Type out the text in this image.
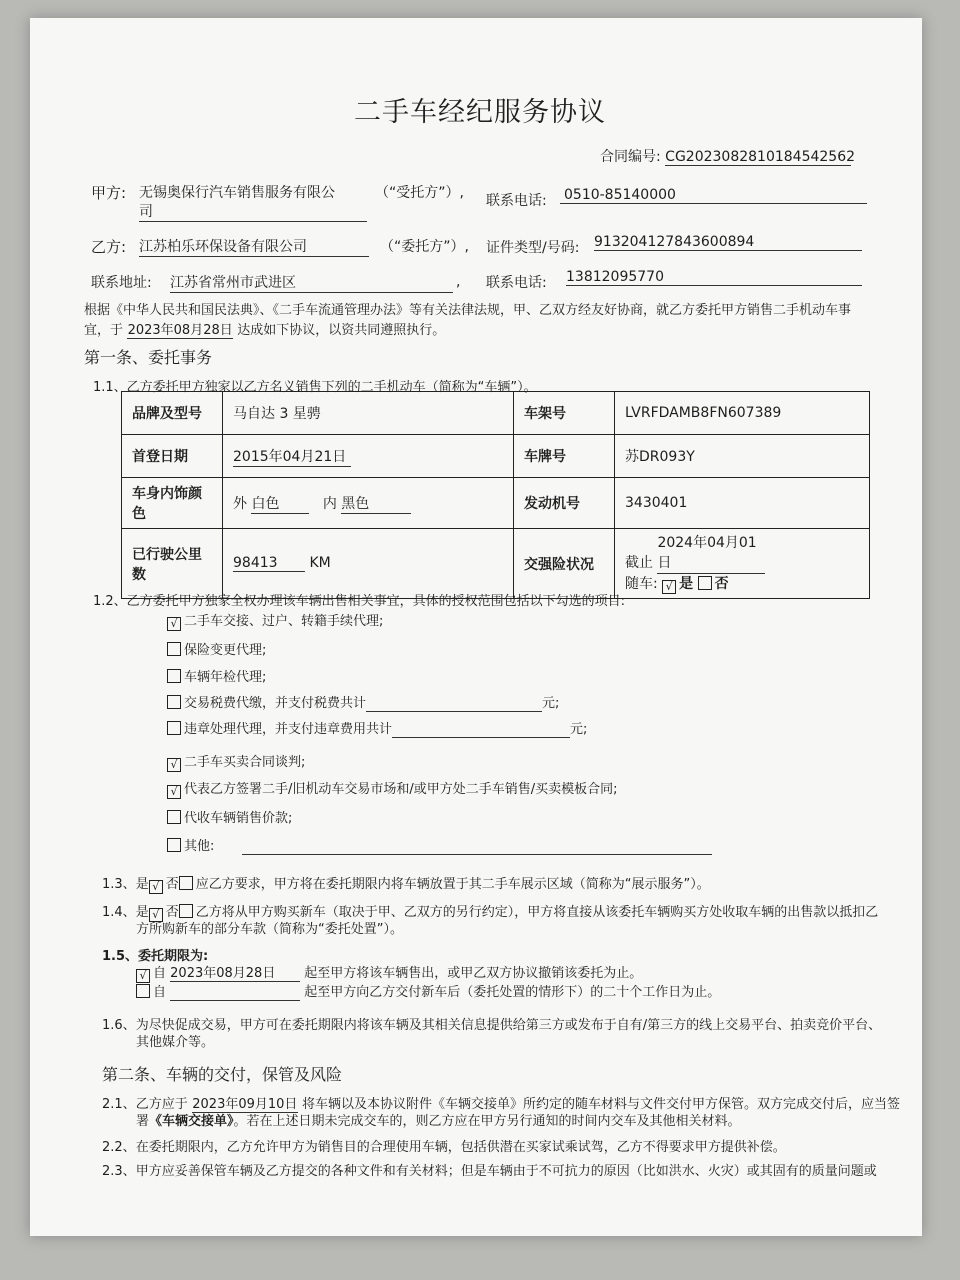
二手车经纪服务协议
合同编号: CG2023082810184542562
甲方: 无锡奥保行汽车销售服务有限公
司
（“受托方”）, 联系电话: 0510-85140000
乙方: 江苏柏乐环保设备有限公司	（“委托方”）, 证件类型/号码: 913204127843600894
联系地址: 江苏省常州市武进区	, 联系电话: 13812095770
根据《中华人民共和国民法典》、《二手车流通管理办法》等有关法律法规，甲、乙双方经友好协商，就乙方委托甲方销售二手机动车事
宜，于 2023年08月28日 达成如下协议，以资共同遵照执行。
第一条、委托事务
1.1、乙方委托甲方独家以乙方名义销售下列的二手机动车（简称为“车辆”）。
品牌及型号	马自达 3 星骋	车架号	LVRFDAMB8FN607389
首登日期	2015年04月21日	车牌号	苏DR093Y
车身内饰颜色	外 白色 内 黑色	发动机号	3430401
已行驶公里数	98413 KM	交强险状况	截止 2024年04月01日
随车: √ 是 否
1.2、乙方委托甲方独家全权办理该车辆出售相关事宜，具体的授权范围包括以下勾选的项目:
√ 二手车交接、过户、转籍手续代理;
保险变更代理;
车辆年检代理;
交易税费代缴，并支付税费共计	元;
违章处理代理，并支付违章费用共计	元;
√ 二手车买卖合同谈判;
√ 代表乙方签署二手/旧机动车交易市场和/或甲方处二手车销售/买卖模板合同;
代收车辆销售价款;
其他:
1.3、是 √ 否 应乙方要求，甲方将在委托期限内将车辆放置于其二手车展示区域（简称为“展示服务”）。
1.4、是 √ 否 乙方将从甲方购买新车（取决于甲、乙双方的另行约定），甲方将直接从该委托车辆购买方处收取车辆的出售款以抵扣乙
方所购新车的部分车款（简称为“委托处置”）。
1.5、委托期限为:
√ 自 2023年08月28日 起至甲方将该车辆售出，或甲乙双方协议撤销该委托为止。
自	起至甲方向乙方交付新车后（委托处置的情形下）的二十个工作日为止。
1.6、为尽快促成交易，甲方可在委托期限内将该车辆及其相关信息提供给第三方或发布于自有/第三方的线上交易平台、拍卖竞价平台、
其他媒介等。
第二条、车辆的交付，保管及风险
2.1、乙方应于 2023年09月10日 将车辆以及本协议附件《车辆交接单》所约定的随车材料与文件交付甲方保管。双方完成交付后，应当签
署《车辆交接单》。若在上述日期未完成交车的，则乙方应在甲方另行通知的时间内交车及其他相关材料。
2.2、在委托期限内，乙方允许甲方为销售目的合理使用车辆，包括供潜在买家试乘试驾，乙方不得要求甲方提供补偿。
2.3、甲方应妥善保管车辆及乙方提交的各种文件和有关材料；但是车辆由于不可抗力的原因（比如洪水、火灾）或其固有的质量问题或
